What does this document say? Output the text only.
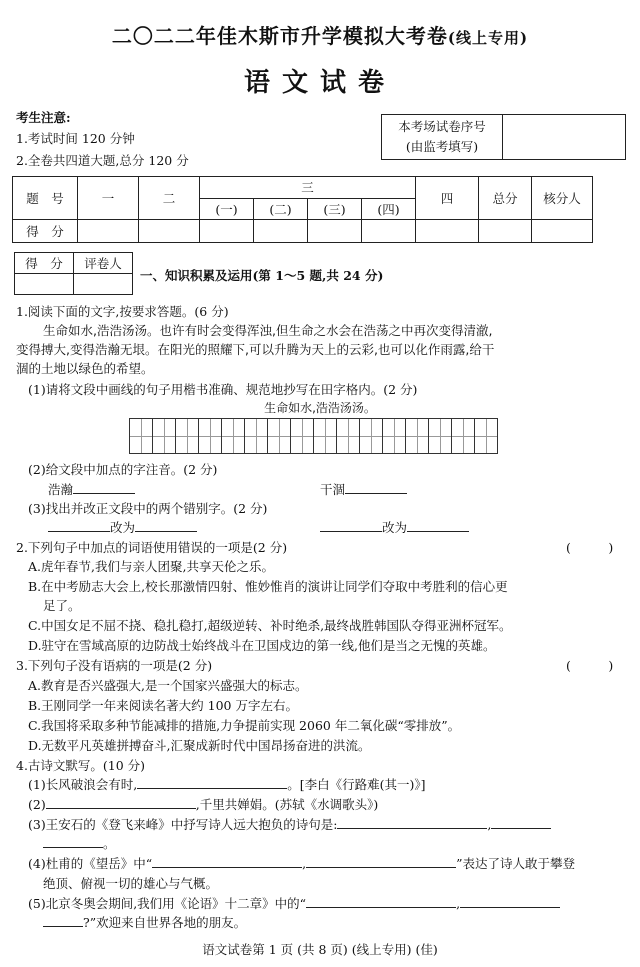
二〇二二年佳木斯市升学模拟大考卷(线上专用)
语文试卷
考生注意:
1.考试时间 120 分钟
2.全卷共四道大题,总分 120 分
本考场试卷序号
(由监考填写)

题　号	一	二	三				四	总分	核分人
			(一)	(二)	(三)	(四)			
得　分									
得　分	评卷人

一、知识积累及运用(第 1～5 题,共 24 分)
1.阅读下面的文字,按要求答题。(6 分)
生命如水,浩浩汤汤。也许有时会变得浑浊,但生命之水会在浩荡之中再次变得清澈,
变得搏大,变得浩瀚无垠。在阳光的照耀下,可以升腾为天上的云彩,也可以化作雨露,给干
涸的土地以绿色的希望。
(1)请将文段中画线的句子用楷书准确、规范地抄写在田字格内。(2 分)
生命如水,浩浩汤汤。

(2)给文段中加点的字注音。(2 分)
浩瀚	干涸
(3)找出并改正文段中的两个错别字。(2 分)
改为	改为
2.下列句子中加点的词语使用错误的一项是(2 分)	(　　　)
A.虎年春节,我们与亲人团聚,共享天伦之乐。
B.在中考励志大会上,校长那激情四射、惟妙惟肖的演讲让同学们夺取中考胜利的信心更
足了。
C.中国女足不屈不挠、稳扎稳打,超级逆转、补时绝杀,最终战胜韩国队夺得亚洲杯冠军。
D.驻守在雪域高原的边防战士始终战斗在卫国戍边的第一线,他们是当之无愧的英雄。
3.下列句子没有语病的一项是(2 分)	(　　　)
A.教育是否兴盛强大,是一个国家兴盛强大的标志。
B.王刚同学一年来阅读名著大约 100 万字左右。
C.我国将采取多种节能减排的措施,力争提前实现 2060 年二氧化碳“零排放”。
D.无数平凡英雄拼搏奋斗,汇聚成新时代中国昂扬奋进的洪流。
4.古诗文默写。(10 分)
(1)长风破浪会有时,	。[李白《行路难(其一)》]
(2)	,千里共婵娟。(苏轼《水调歌头》)
(3)王安石的《登飞来峰》中抒写诗人远大抱负的诗句是:	,
。
(4)杜甫的《望岳》中“	,	”表达了诗人敢于攀登
绝顶、俯视一切的雄心与气概。
(5)北京冬奥会期间,我们用《论语》十二章》中的“	,
?”欢迎来自世界各地的朋友。
语文试卷第 1 页 (共 8 页) (线上专用) (佳)
